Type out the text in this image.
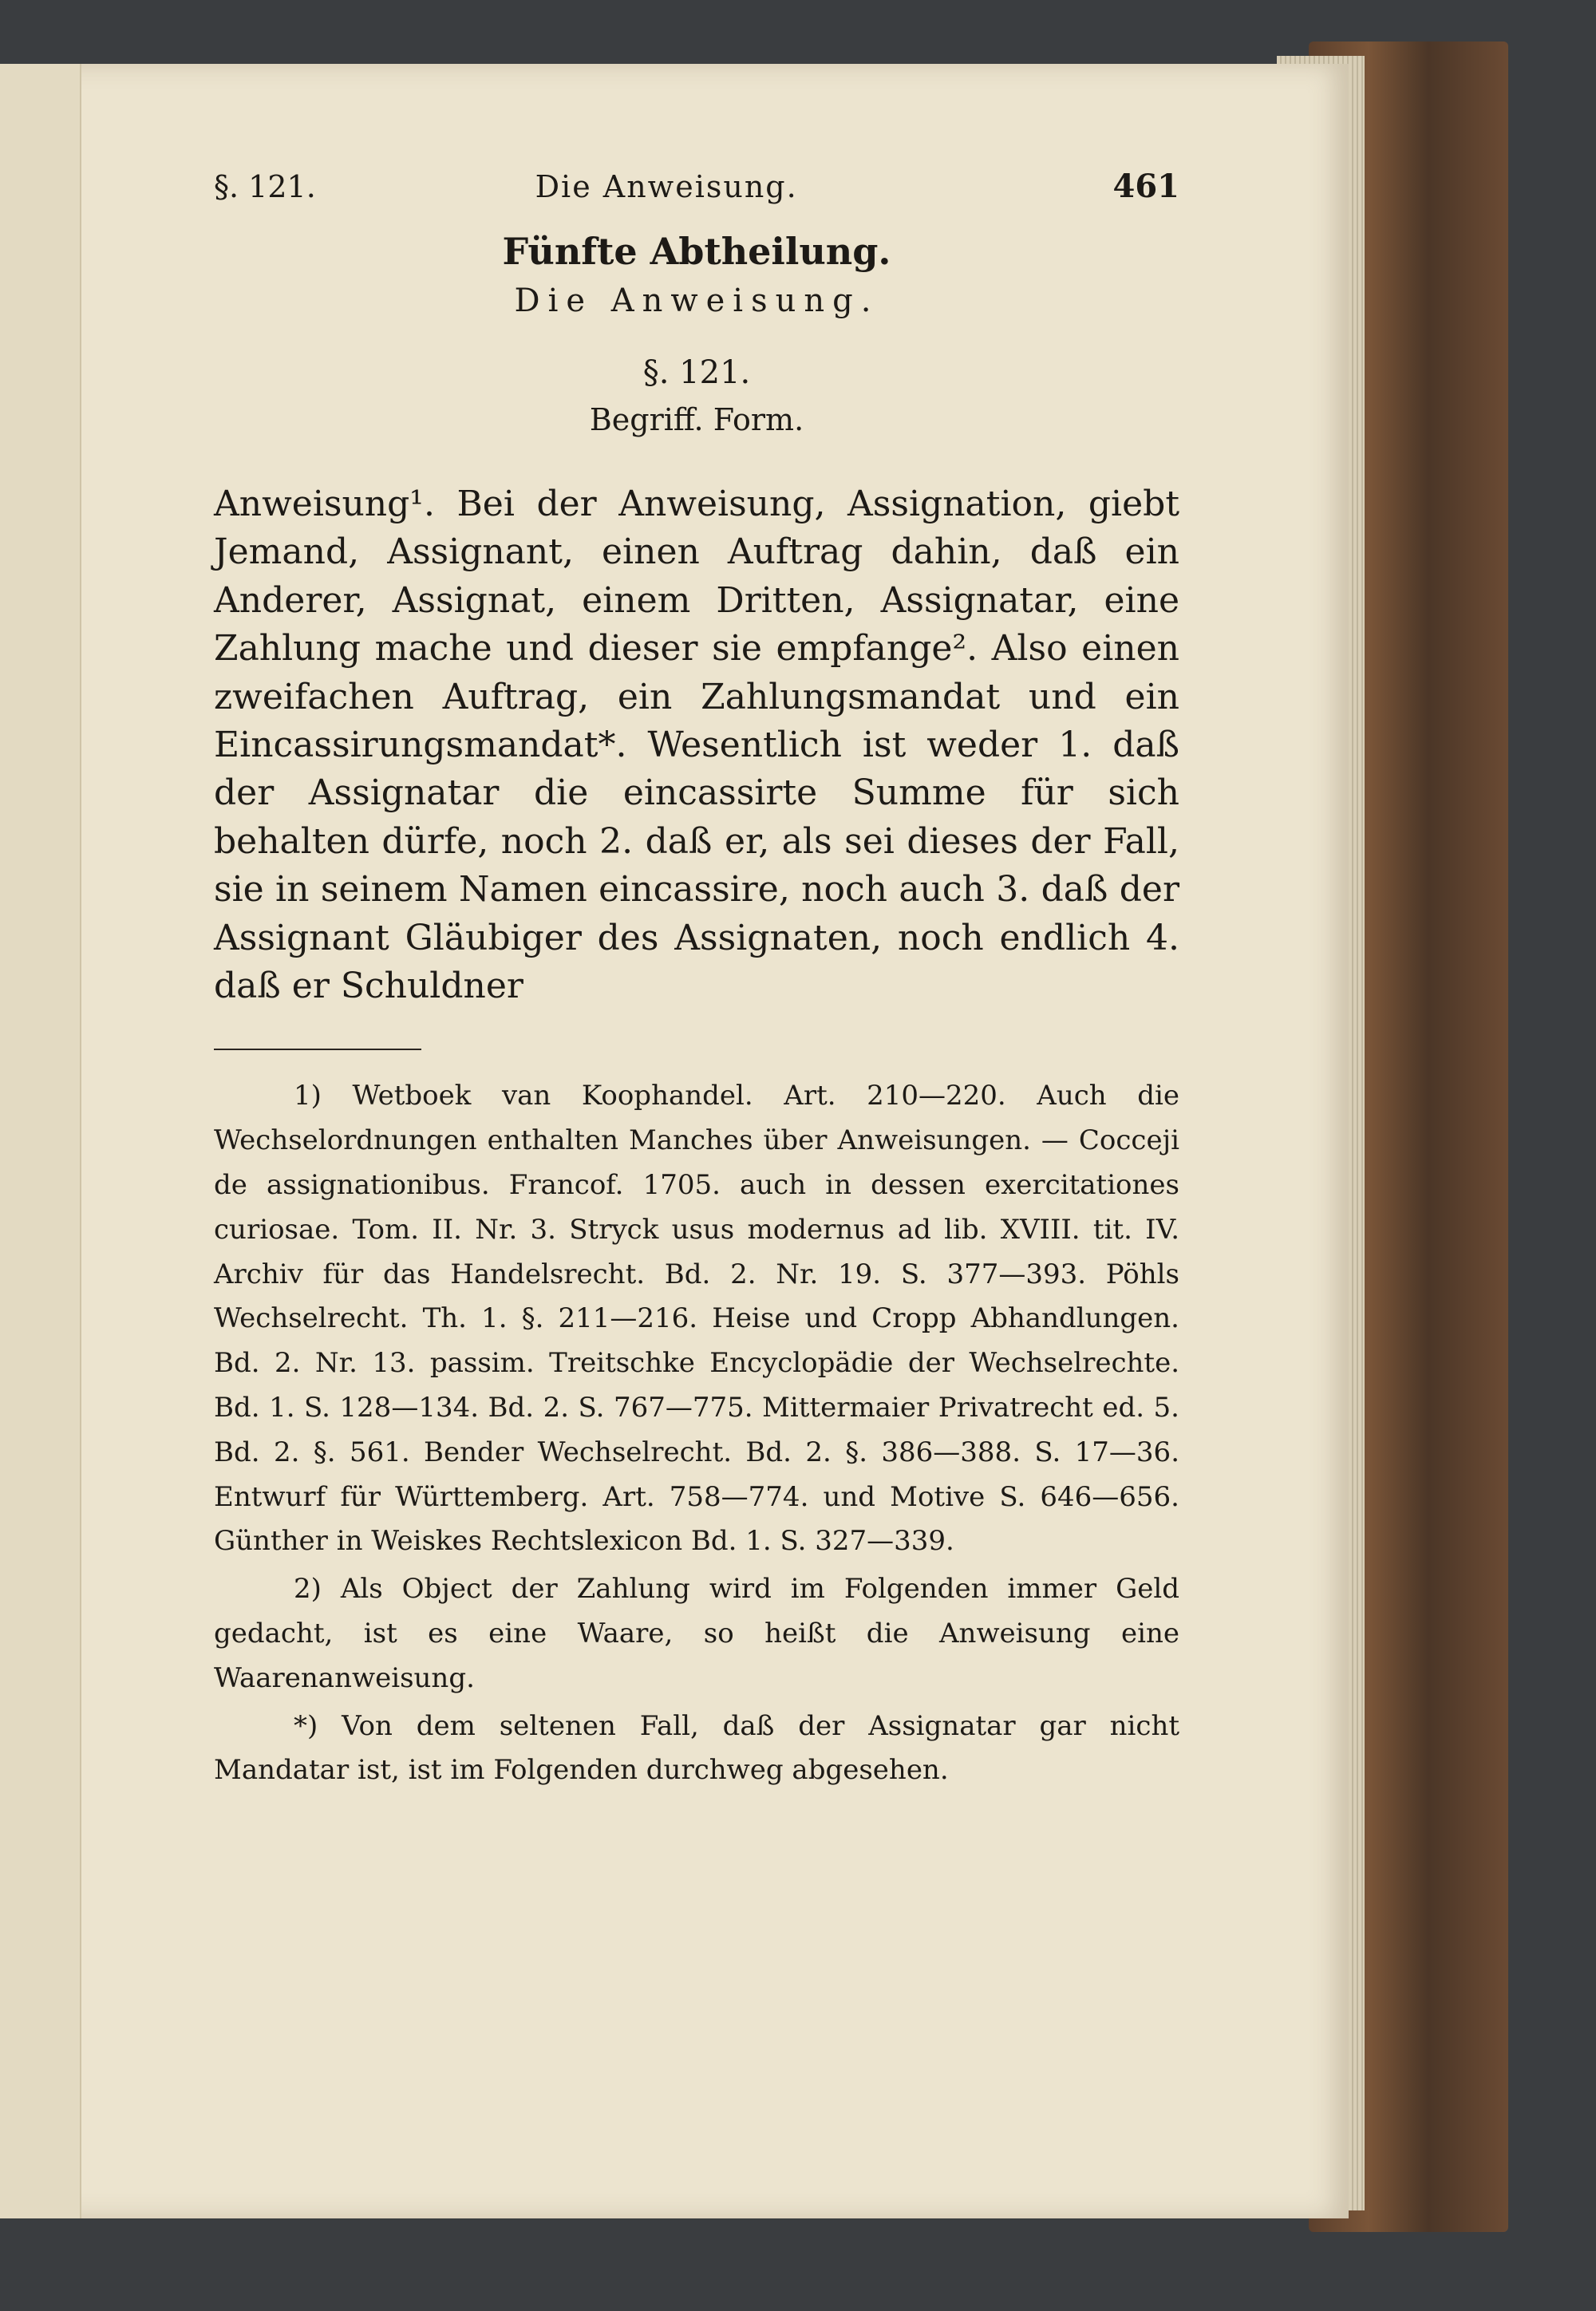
§. 121.	Die Anweisung.	461
Fünfte Abtheilung.
Die Anweisung.
§. 121.
Begriff. Form.
Anweisung¹. Bei der Anweisung, Assignation, giebt Jemand, Assignant, einen Auftrag dahin, daß ein Anderer, Assignat, einem Dritten, Assignatar, eine Zahlung mache und dieser sie empfange². Also einen zweifachen Auftrag, ein Zahlungsmandat und ein Eincassirungsmandat*. Wesentlich ist weder 1. daß der Assignatar die eincassirte Summe für sich behalten dürfe, noch 2. daß er, als sei dieses der Fall, sie in seinem Namen eincassire, noch auch 3. daß der Assignant Gläubiger des Assignaten, noch endlich 4. daß er Schuldner

1) Wetboek van Koophandel. Art. 210—220. Auch die Wechselordnungen enthalten Manches über Anweisungen. — Cocceji de assignationibus. Francof. 1705. auch in dessen exercitationes curiosae. Tom. II. Nr. 3. Stryck usus modernus ad lib. XVIII. tit. IV. Archiv für das Handelsrecht. Bd. 2. Nr. 19. S. 377—393. Pöhls Wechselrecht. Th. 1. §. 211—216. Heise und Cropp Abhandlungen. Bd. 2. Nr. 13. passim. Treitschke Encyclopädie der Wechselrechte. Bd. 1. S. 128—134. Bd. 2. S. 767—775. Mittermaier Privatrecht ed. 5. Bd. 2. §. 561. Bender Wechselrecht. Bd. 2. §. 386—388. S. 17—36. Entwurf für Württemberg. Art. 758—774. und Motive S. 646—656. Günther in Weiskes Rechtslexicon Bd. 1. S. 327—339.

2) Als Object der Zahlung wird im Folgenden immer Geld gedacht, ist es eine Waare, so heißt die Anweisung eine Waarenanweisung.

*) Von dem seltenen Fall, daß der Assignatar gar nicht Mandatar ist, ist im Folgenden durchweg abgesehen.
